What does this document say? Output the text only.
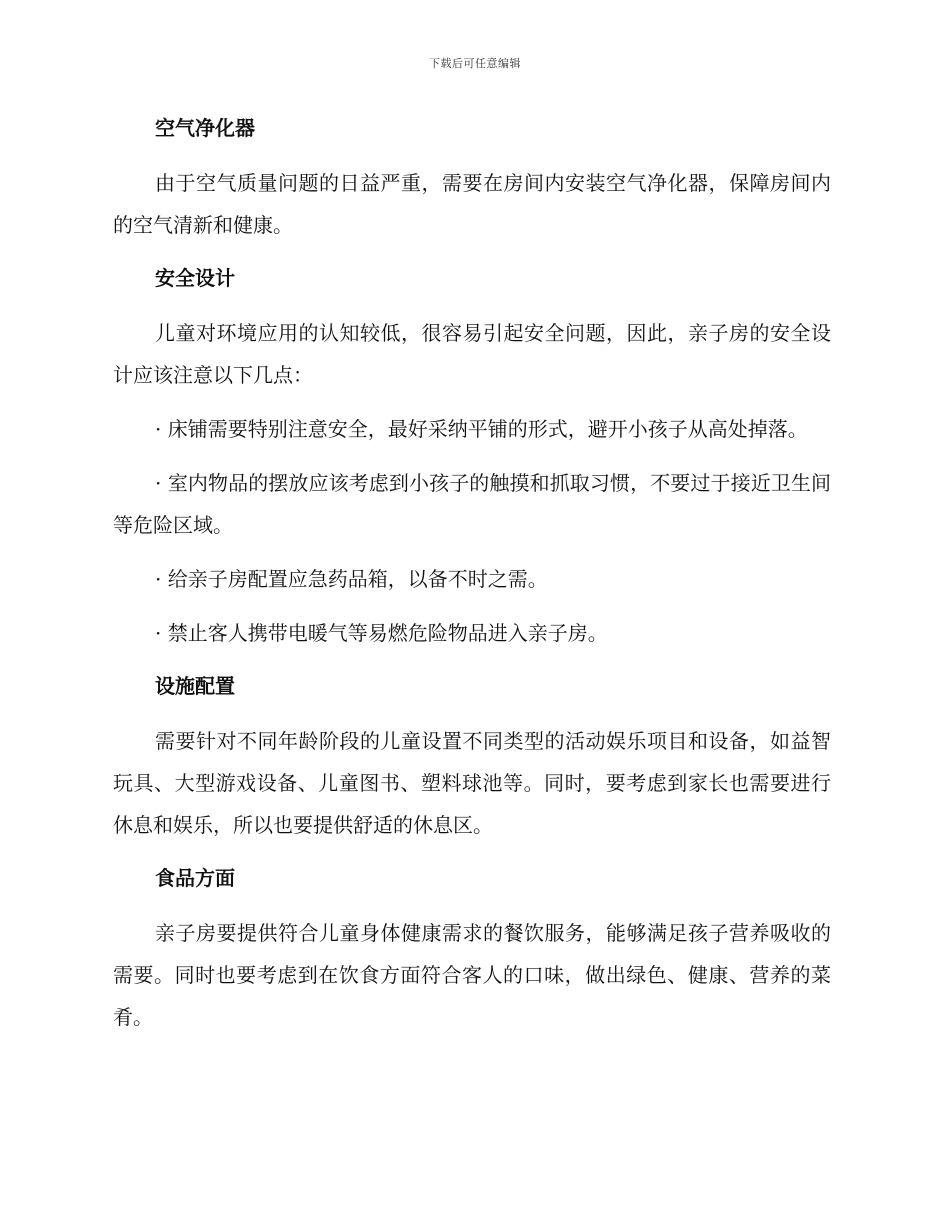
下载后可任意编辑
空气净化器

由于空气质量问题的日益严重，需要在房间内安装空气净化器，保障房间内的空气清新和健康。

安全设计

儿童对环境应用的认知较低，很容易引起安全问题，因此，亲子房的安全设计应该注意以下几点：

· 床铺需要特别注意安全，最好采纳平铺的形式，避开小孩子从高处掉落。

· 室内物品的摆放应该考虑到小孩子的触摸和抓取习惯，不要过于接近卫生间等危险区域。

· 给亲子房配置应急药品箱，以备不时之需。

· 禁止客人携带电暖气等易燃危险物品进入亲子房。

设施配置

需要针对不同年龄阶段的儿童设置不同类型的活动娱乐项目和设备，如益智玩具、大型游戏设备、儿童图书、塑料球池等。同时，要考虑到家长也需要进行休息和娱乐，所以也要提供舒适的休息区。

食品方面

亲子房要提供符合儿童身体健康需求的餐饮服务，能够满足孩子营养吸收的需要。同时也要考虑到在饮食方面符合客人的口味，做出绿色、健康、营养的菜肴。
